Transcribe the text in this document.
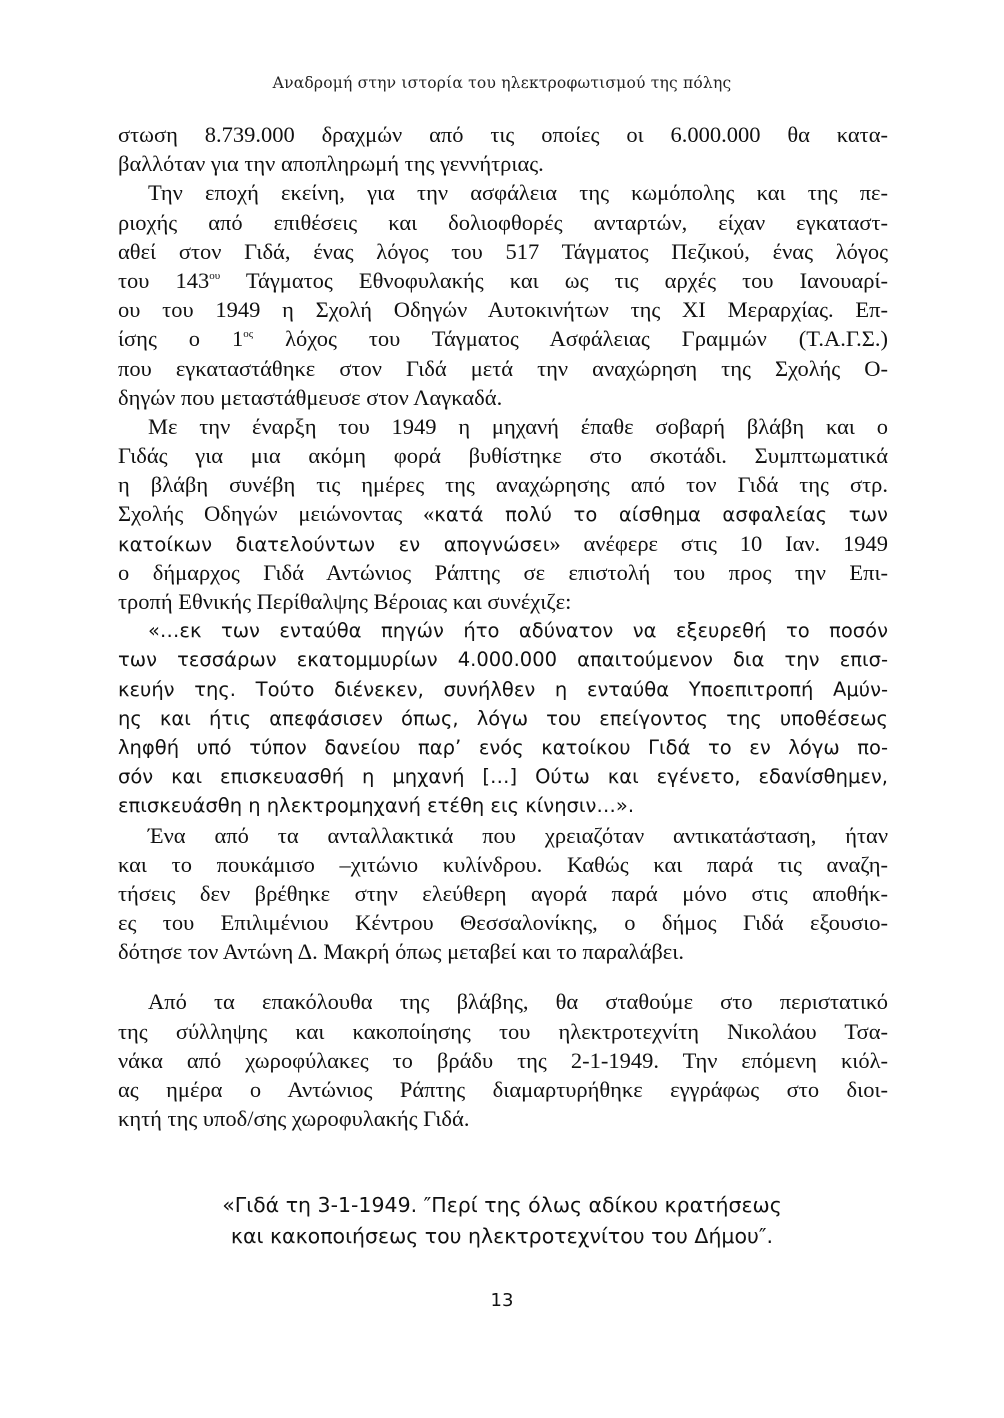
Αναδρομή στην ιστορία του ηλεκτροφωτισμού της πόλης
στωση 8.739.000 δραχμών από τις οποίες οι 6.000.000 θα κατα-
βαλλόταν για την αποπληρωμή της γεννήτριας.
Την εποχή εκείνη, για την ασφάλεια της κωμόπολης και της πε-
ριοχής από επιθέσεις και δολιοφθορές ανταρτών, είχαν εγκαταστ-
αθεί στον Γιδά, ένας λόγος του 517 Τάγματος Πεζικού, ένας λόγος
του $143^{o\upsilon}$ Τάγματος Εθνοφυλακής και ως τις αρχές του Ιανουαρί-
ου του 1949 η Σχολή Οδηγών Αυτοκινήτων της ΧΙ Μεραρχίας. Επ-
ίσης ο $1^{o\varsigma}$ λόχος του Τάγματος Ασφάλειας Γραμμών (Τ.Α.Γ.Σ.)
που εγκαταστάθηκε στον Γιδά μετά την αναχώρηση της Σχολής Ο-
δηγών που μεταστάθμευσε στον Λαγκαδά.
Με την έναρξη του 1949 η μηχανή έπαθε σοβαρή βλάβη και ο
Γιδάς για μια ακόμη φορά βυθίστηκε στο σκοτάδι. Συμπτωματικά
η βλάβη συνέβη τις ημέρες της αναχώρησης από τον Γιδά της στρ.
Σχολής Οδηγών μειώνοντας «κατά πολύ το αίσθημα ασφαλείας των
κατοίκων διατελούντων εν απογνώσει» ανέφερε στις 10 Ιαν. 1949
ο δήμαρχος Γιδά Αντώνιος Ράπτης σε επιστολή του προς την Επι-
τροπή Εθνικής Περίθαλψης Βέροιας και συνέχιζε:
«…εκ των ενταύθα πηγών ήτο αδύνατον να εξευρεθή το ποσόν
των τεσσάρων εκατομμυρίων 4.000.000 απαιτούμενον δια την επισ-
κευήν της. Τούτο διένεκεν, συνήλθεν η ενταύθα Υποεπιτροπή Αμύν-
ης και ήτις απεφάσισεν όπως, λόγω του επείγοντος της υποθέσεως
ληφθή υπό τύπον δανείου παρ’ ενός κατοίκου Γιδά το εν λόγω πο-
σόν και επισκευασθή η μηχανή […] Ούτω και εγένετο, εδανίσθημεν,
επισκευάσθη η ηλεκτρομηχανή ετέθη εις κίνησιν…».
Ένα από τα ανταλλακτικά που χρειαζόταν αντικατάσταση, ήταν
και το πουκάμισο –χιτώνιο κυλίνδρου. Καθώς και παρά τις αναζη-
τήσεις δεν βρέθηκε στην ελεύθερη αγορά παρά μόνο στις αποθήκ-
ες του Επιλιμένιου Κέντρου Θεσσαλονίκης, ο δήμος Γιδά εξουσιο-
δότησε τον Αντώνη Δ. Μακρή όπως μεταβεί και το παραλάβει.
Από τα επακόλουθα της βλάβης, θα σταθούμε στο περιστατικό
της σύλληψης και κακοποίησης του ηλεκτροτεχνίτη Νικολάου Τσα-
νάκα από χωροφύλακες το βράδυ της 2-1-1949. Την επόμενη κιόλ-
ας ημέρα ο Αντώνιος Ράπτης διαμαρτυρήθηκε εγγράφως στο διοι-
κητή της υποδ/σης χωροφυλακής Γιδά.
«Γιδά τη 3-1-1949. ″Περί της όλως αδίκου κρατήσεως
και κακοποιήσεως του ηλεκτροτεχνίτου του Δήμου″.
13
